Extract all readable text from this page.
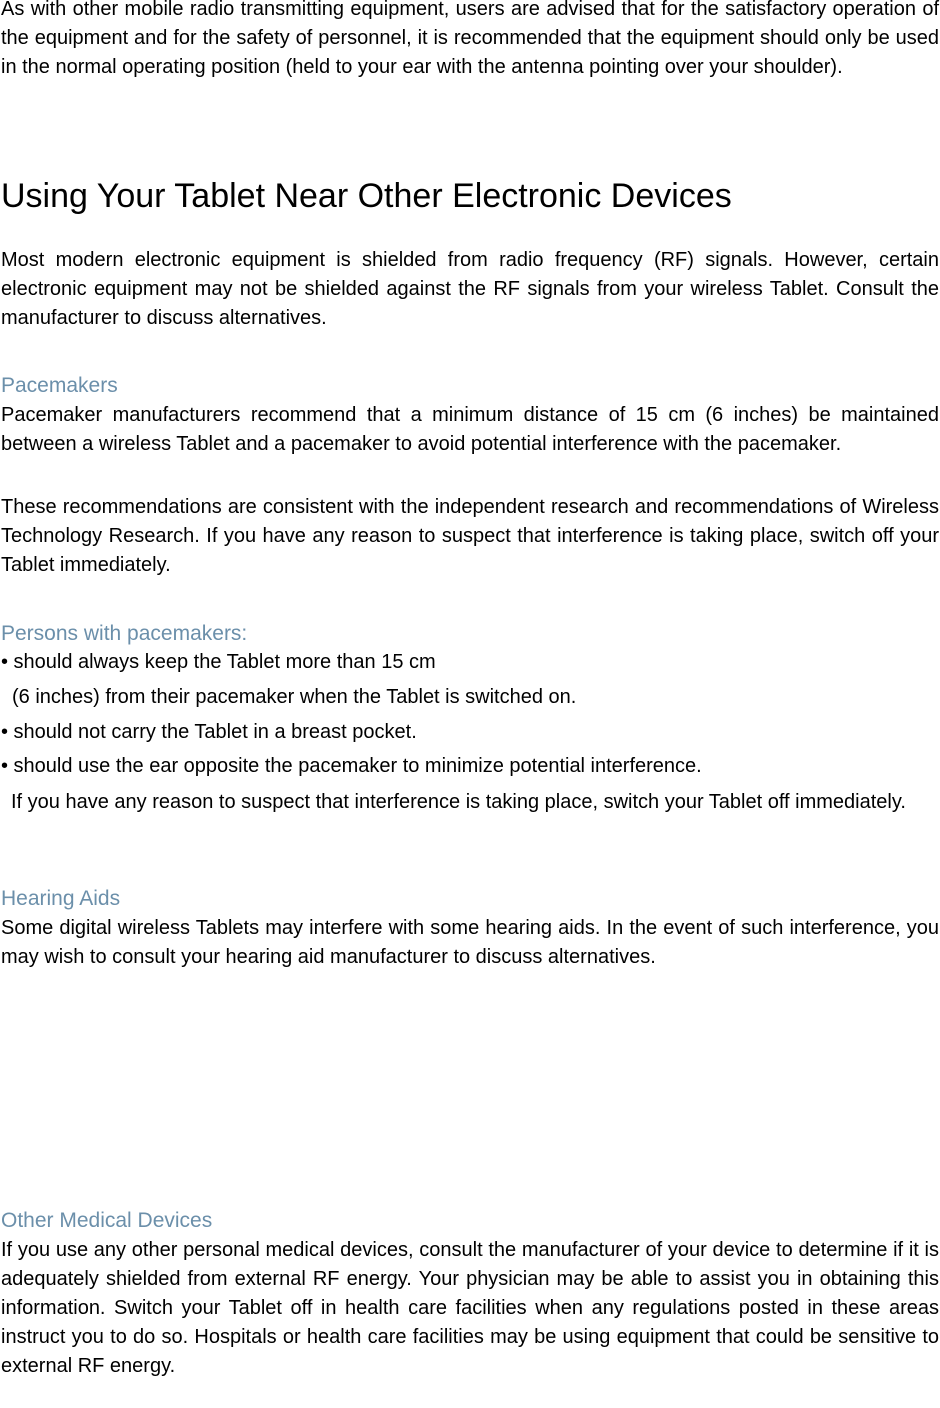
As with other mobile radio transmitting equipment, users are advised that for the satisfactory operation of the equipment and for the safety of personnel, it is recommended that the equipment should only be used in the normal operating position (held to your ear with the antenna pointing over your shoulder).

Using Your Tablet Near Other Electronic Devices

Most modern electronic equipment is shielded from radio frequency (RF) signals. However, certain electronic equipment may not be shielded against the RF signals from your wireless Tablet. Consult the manufacturer to discuss alternatives.

Pacemakers

Pacemaker manufacturers recommend that a minimum distance of 15 cm (6 inches) be maintained between a wireless Tablet and a pacemaker to avoid potential interference with the pacemaker.

These recommendations are consistent with the independent research and recommendations of Wireless Technology Research. If you have any reason to suspect that interference is taking place, switch off your Tablet immediately.

Persons with pacemakers:

• should always keep the Tablet more than 15 cm

(6 inches) from their pacemaker when the Tablet is switched on.

• should not carry the Tablet in a breast pocket.

• should use the ear opposite the pacemaker to minimize potential interference.

If you have any reason to suspect that interference is taking place, switch your Tablet off immediately.

Hearing Aids

Some digital wireless Tablets may interfere with some hearing aids. In the event of such interference, you may wish to consult your hearing aid manufacturer to discuss alternatives.

Other Medical Devices

If you use any other personal medical devices, consult the manufacturer of your device to determine if it is adequately shielded from external RF energy. Your physician may be able to assist you in obtaining this information. Switch your Tablet off in health care facilities when any regulations posted in these areas instruct you to do so. Hospitals or health care facilities may be using equipment that could be sensitive to external RF energy.
